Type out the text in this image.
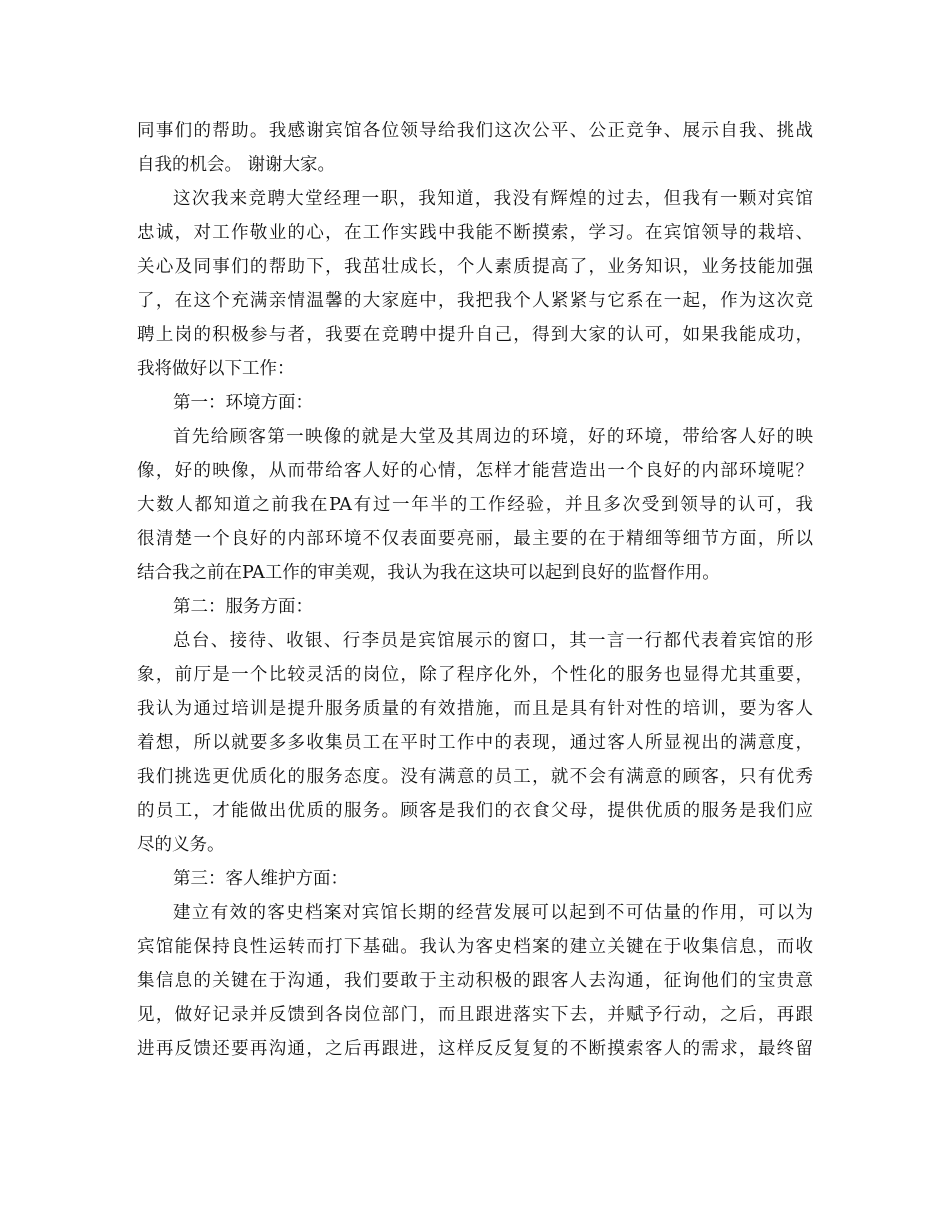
同事们的帮助。我感谢宾馆各位领导给我们这次公平、公正竞争、展示自我、挑战
自我的机会。 谢谢大家。
这次我来竞聘大堂经理一职，我知道，我没有辉煌的过去，但我有一颗对宾馆
忠诚，对工作敬业的心，在工作实践中我能不断摸索，学习。在宾馆领导的栽培、
关心及同事们的帮助下，我茁壮成长，个人素质提高了，业务知识，业务技能加强
了，在这个充满亲情温馨的大家庭中，我把我个人紧紧与它系在一起，作为这次竞
聘上岗的积极参与者，我要在竞聘中提升自己，得到大家的认可，如果我能成功，
我将做好以下工作：
第一：环境方面：
首先给顾客第一映像的就是大堂及其周边的环境，好的环境，带给客人好的映
像，好的映像，从而带给客人好的心情，怎样才能营造出一个良好的内部环境呢？
大数人都知道之前我在PA有过一年半的工作经验，并且多次受到领导的认可，我
很清楚一个良好的内部环境不仅表面要亮丽，最主要的在于精细等细节方面，所以
结合我之前在PA工作的审美观，我认为我在这块可以起到良好的监督作用。
第二：服务方面：
总台、接待、收银、行李员是宾馆展示的窗口，其一言一行都代表着宾馆的形
象，前厅是一个比较灵活的岗位，除了程序化外，个性化的服务也显得尤其重要，
我认为通过培训是提升服务质量的有效措施，而且是具有针对性的培训，要为客人
着想，所以就要多多收集员工在平时工作中的表现，通过客人所显视出的满意度，
我们挑选更优质化的服务态度。没有满意的员工，就不会有满意的顾客，只有优秀
的员工，才能做出优质的服务。顾客是我们的衣食父母，提供优质的服务是我们应
尽的义务。
第三：客人维护方面：
建立有效的客史档案对宾馆长期的经营发展可以起到不可估量的作用，可以为
宾馆能保持良性运转而打下基础。我认为客史档案的建立关键在于收集信息，而收
集信息的关键在于沟通，我们要敢于主动积极的跟客人去沟通，征询他们的宝贵意
见，做好记录并反馈到各岗位部门，而且跟进落实下去，并赋予行动，之后，再跟
进再反馈还要再沟通，之后再跟进，这样反反复复的不断摸索客人的需求，最终留
